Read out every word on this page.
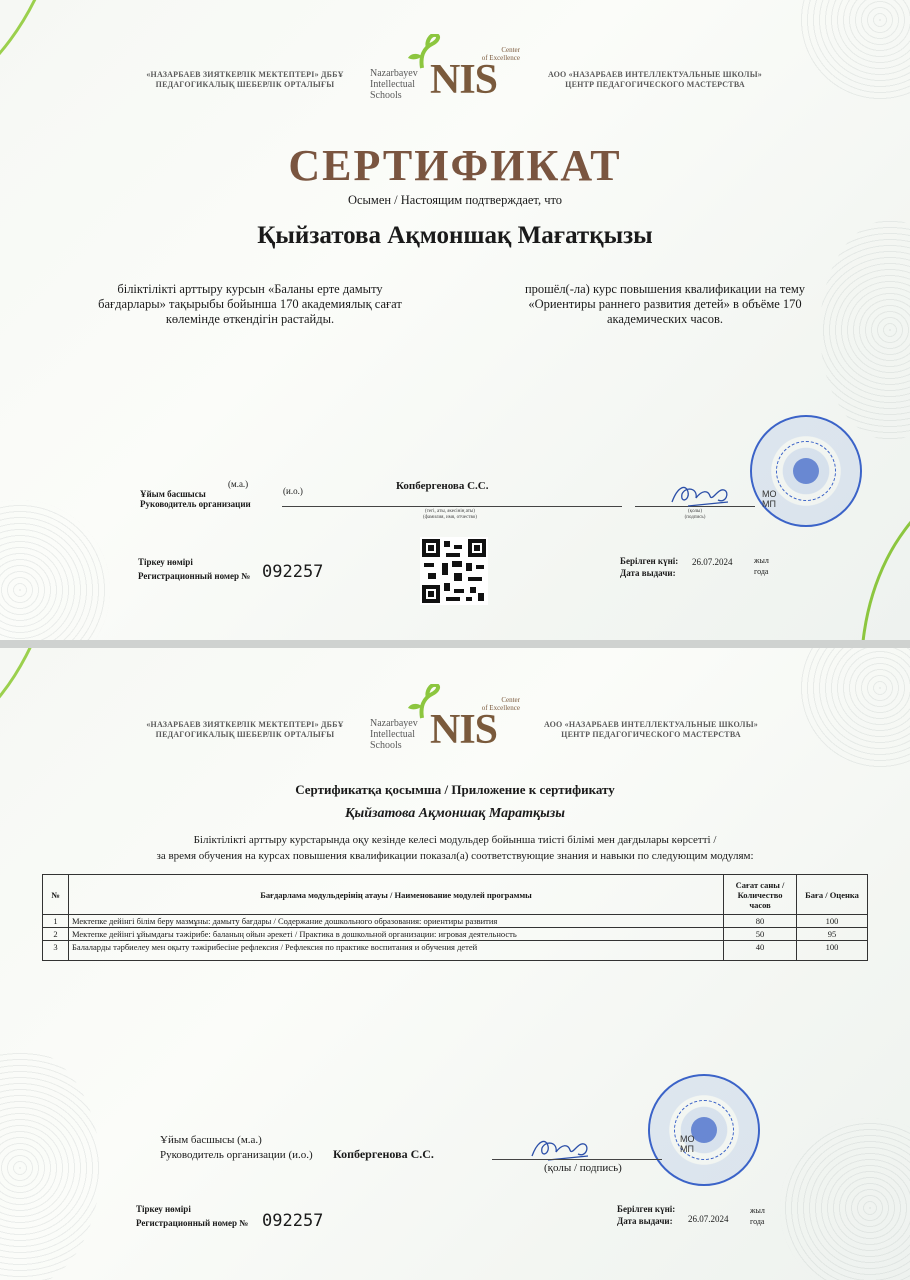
«НАЗАРБАЕВ ЗИЯТКЕРЛІК МЕКТЕПТЕРІ» ДББҰ
ПЕДАГОГИКАЛЫҚ ШЕБЕРЛІК ОРТАЛЫҒЫ
Nazarbayev
Intellectual
Schools NIS
Center
of Excellence
АОО «НАЗАРБАЕВ ИНТЕЛЛЕКТУАЛЬНЫЕ ШКОЛЫ»
ЦЕНТР ПЕДАГОГИЧЕСКОГО МАСТЕРСТВА
СЕРТИФИКАТ
Осымен / Настоящим подтверждает, что
Қыйзатова Ақмоншақ Мағатқызы
біліктілікті арттыру курсын «Баланы ерте дамыту бағдарлары» тақырыбы бойынша 170 академиялық сағат көлемінде өткендігін растайды.
прошёл(-ла) курс повышения квалификации на тему «Ориентиры раннего развития детей» в объёме 170 академических часов.
(м.а.)
(и.о.)
Ұйым басшысы
Руководитель организации
Копбергенова С.С.
(тегі, аты, әкесінің аты)
(фамилия, имя, отчество)
(қолы)
(подпись)
МО
МП
Тіркеу нөмірі
Регистрационный номер № 092257
Берілген күні:
Дата выдачи:
26.07.2024	жыл
года
«НАЗАРБАЕВ ЗИЯТКЕРЛІК МЕКТЕПТЕРІ» ДББҰ
ПЕДАГОГИКАЛЫҚ ШЕБЕРЛІК ОРТАЛЫҒЫ
Nazarbayev
Intellectual
Schools NIS
Center
of Excellence
АОО «НАЗАРБАЕВ ИНТЕЛЛЕКТУАЛЬНЫЕ ШКОЛЫ»
ЦЕНТР ПЕДАГОГИЧЕСКОГО МАСТЕРСТВА
Сертификатқа қосымша / Приложение к сертификату
Қыйзатова Ақмоншақ Маратқызы
Біліктілікті арттыру курстарында оқу кезінде келесі модульдер бойынша тиісті білімі мен дағдылары көрсетті /
за время обучения на курсах повышения квалификации показал(а) соответствующие знания и навыки по следующим модулям:
№	Бағдарлама модульдерінің атауы / Наименование модулей программы	Сағат саны / Количество часов	Баға / Оценка
1	Мектепке дейінгі білім беру мазмұны: дамыту бағдары / Содержание дошкольного образования: ориентиры развития	80	100
2	Мектепке дейінгі ұйымдағы тәжірибе: баланың ойын әрекеті / Практика в дошкольной организации: игровая деятельность	50	95
3	Балаларды тәрбиелеу мен оқыту тәжірибесіне рефлексия / Рефлексия по практике воспитания и обучения детей	40	100
МО
МП
Ұйым басшысы (м.а.)
Руководитель организации (и.о.) Копбергенова С.С.
(қолы / подпись)
Тіркеу нөмірі
Регистрационный номер № 092257
Берілген күні:
Дата выдачи: 26.07.2024
жыл
года
